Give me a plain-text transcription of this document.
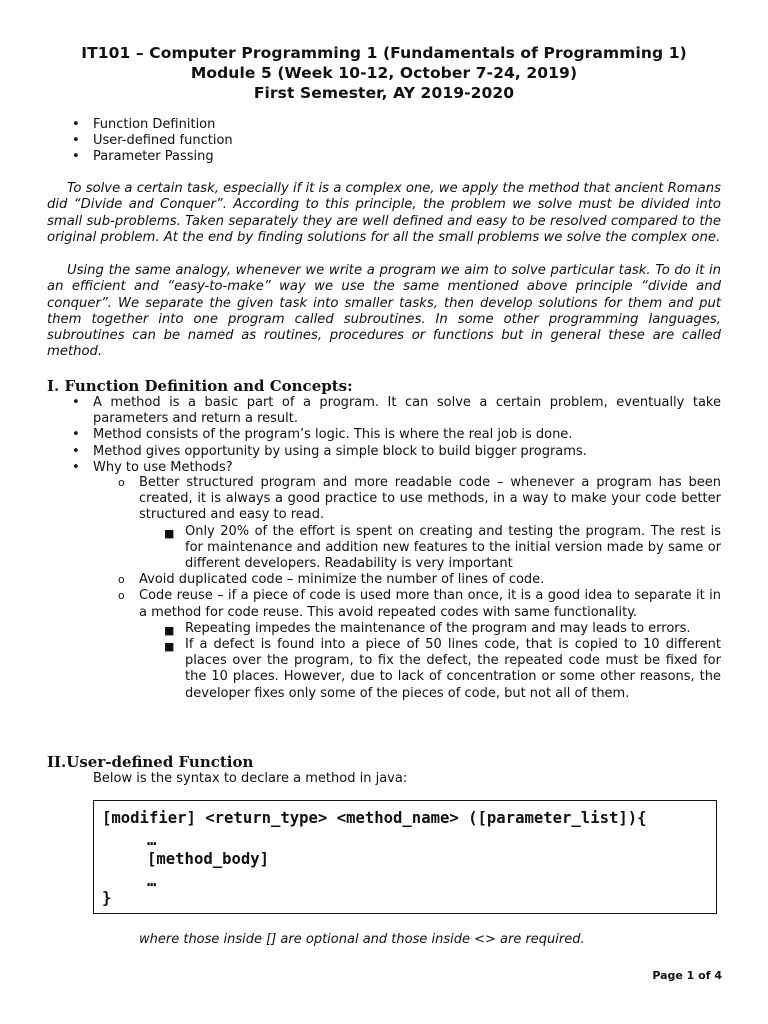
IT101 – Computer Programming 1 (Fundamentals of Programming 1)
Module 5 (Week 10-12, October 7-24, 2019)
First Semester, AY 2019-2020
• Function Definition
• User-defined function
• Parameter Passing

To solve a certain task, especially if it is a complex one, we apply the method that ancient Romans did “Divide and Conquer”. According to this principle, the problem we solve must be divided into small sub-problems. Taken separately they are well defined and easy to be resolved compared to the original problem. At the end by finding solutions for all the small problems we solve the complex one.

Using the same analogy, whenever we write a program we aim to solve particular task. To do it in an efficient and “easy-to-make” way we use the same mentioned above principle “divide and conquer”. We separate the given task into smaller tasks, then develop solutions for them and put them together into one program called subroutines. In some other programming languages, subroutines can be named as routines, procedures or functions but in general these are called method.

I. Function Definition and Concepts:
• A method is a basic part of a program. It can solve a certain problem, eventually take parameters and return a result.
• Method consists of the program’s logic. This is where the real job is done.
• Method gives opportunity by using a simple block to build bigger programs.
• Why to use Methods?
o Better structured program and more readable code – whenever a program has been created, it is always a good practice to use methods, in a way to make your code better structured and easy to read.
■ Only 20% of the effort is spent on creating and testing the program. The rest is for maintenance and addition new features to the initial version made by same or different developers. Readability is very important
o Avoid duplicated code – minimize the number of lines of code.
o Code reuse – if a piece of code is used more than once, it is a good idea to separate it in a method for code reuse. This avoid repeated codes with same functionality.
■ Repeating impedes the maintenance of the program and may leads to errors.
■ If a defect is found into a piece of 50 lines code, that is copied to 10 different places over the program, to fix the defect, the repeated code must be fixed for the 10 places. However, due to lack of concentration or some other reasons, the developer fixes only some of the pieces of code, but not all of them.
II.User-defined Function
Below is the syntax to declare a method in java:
[modifier] <return_type> <method_name> ([parameter_list]){
…
[method_body]
…
}
where those inside [] are optional and those inside <> are required.
Page 1 of 4
